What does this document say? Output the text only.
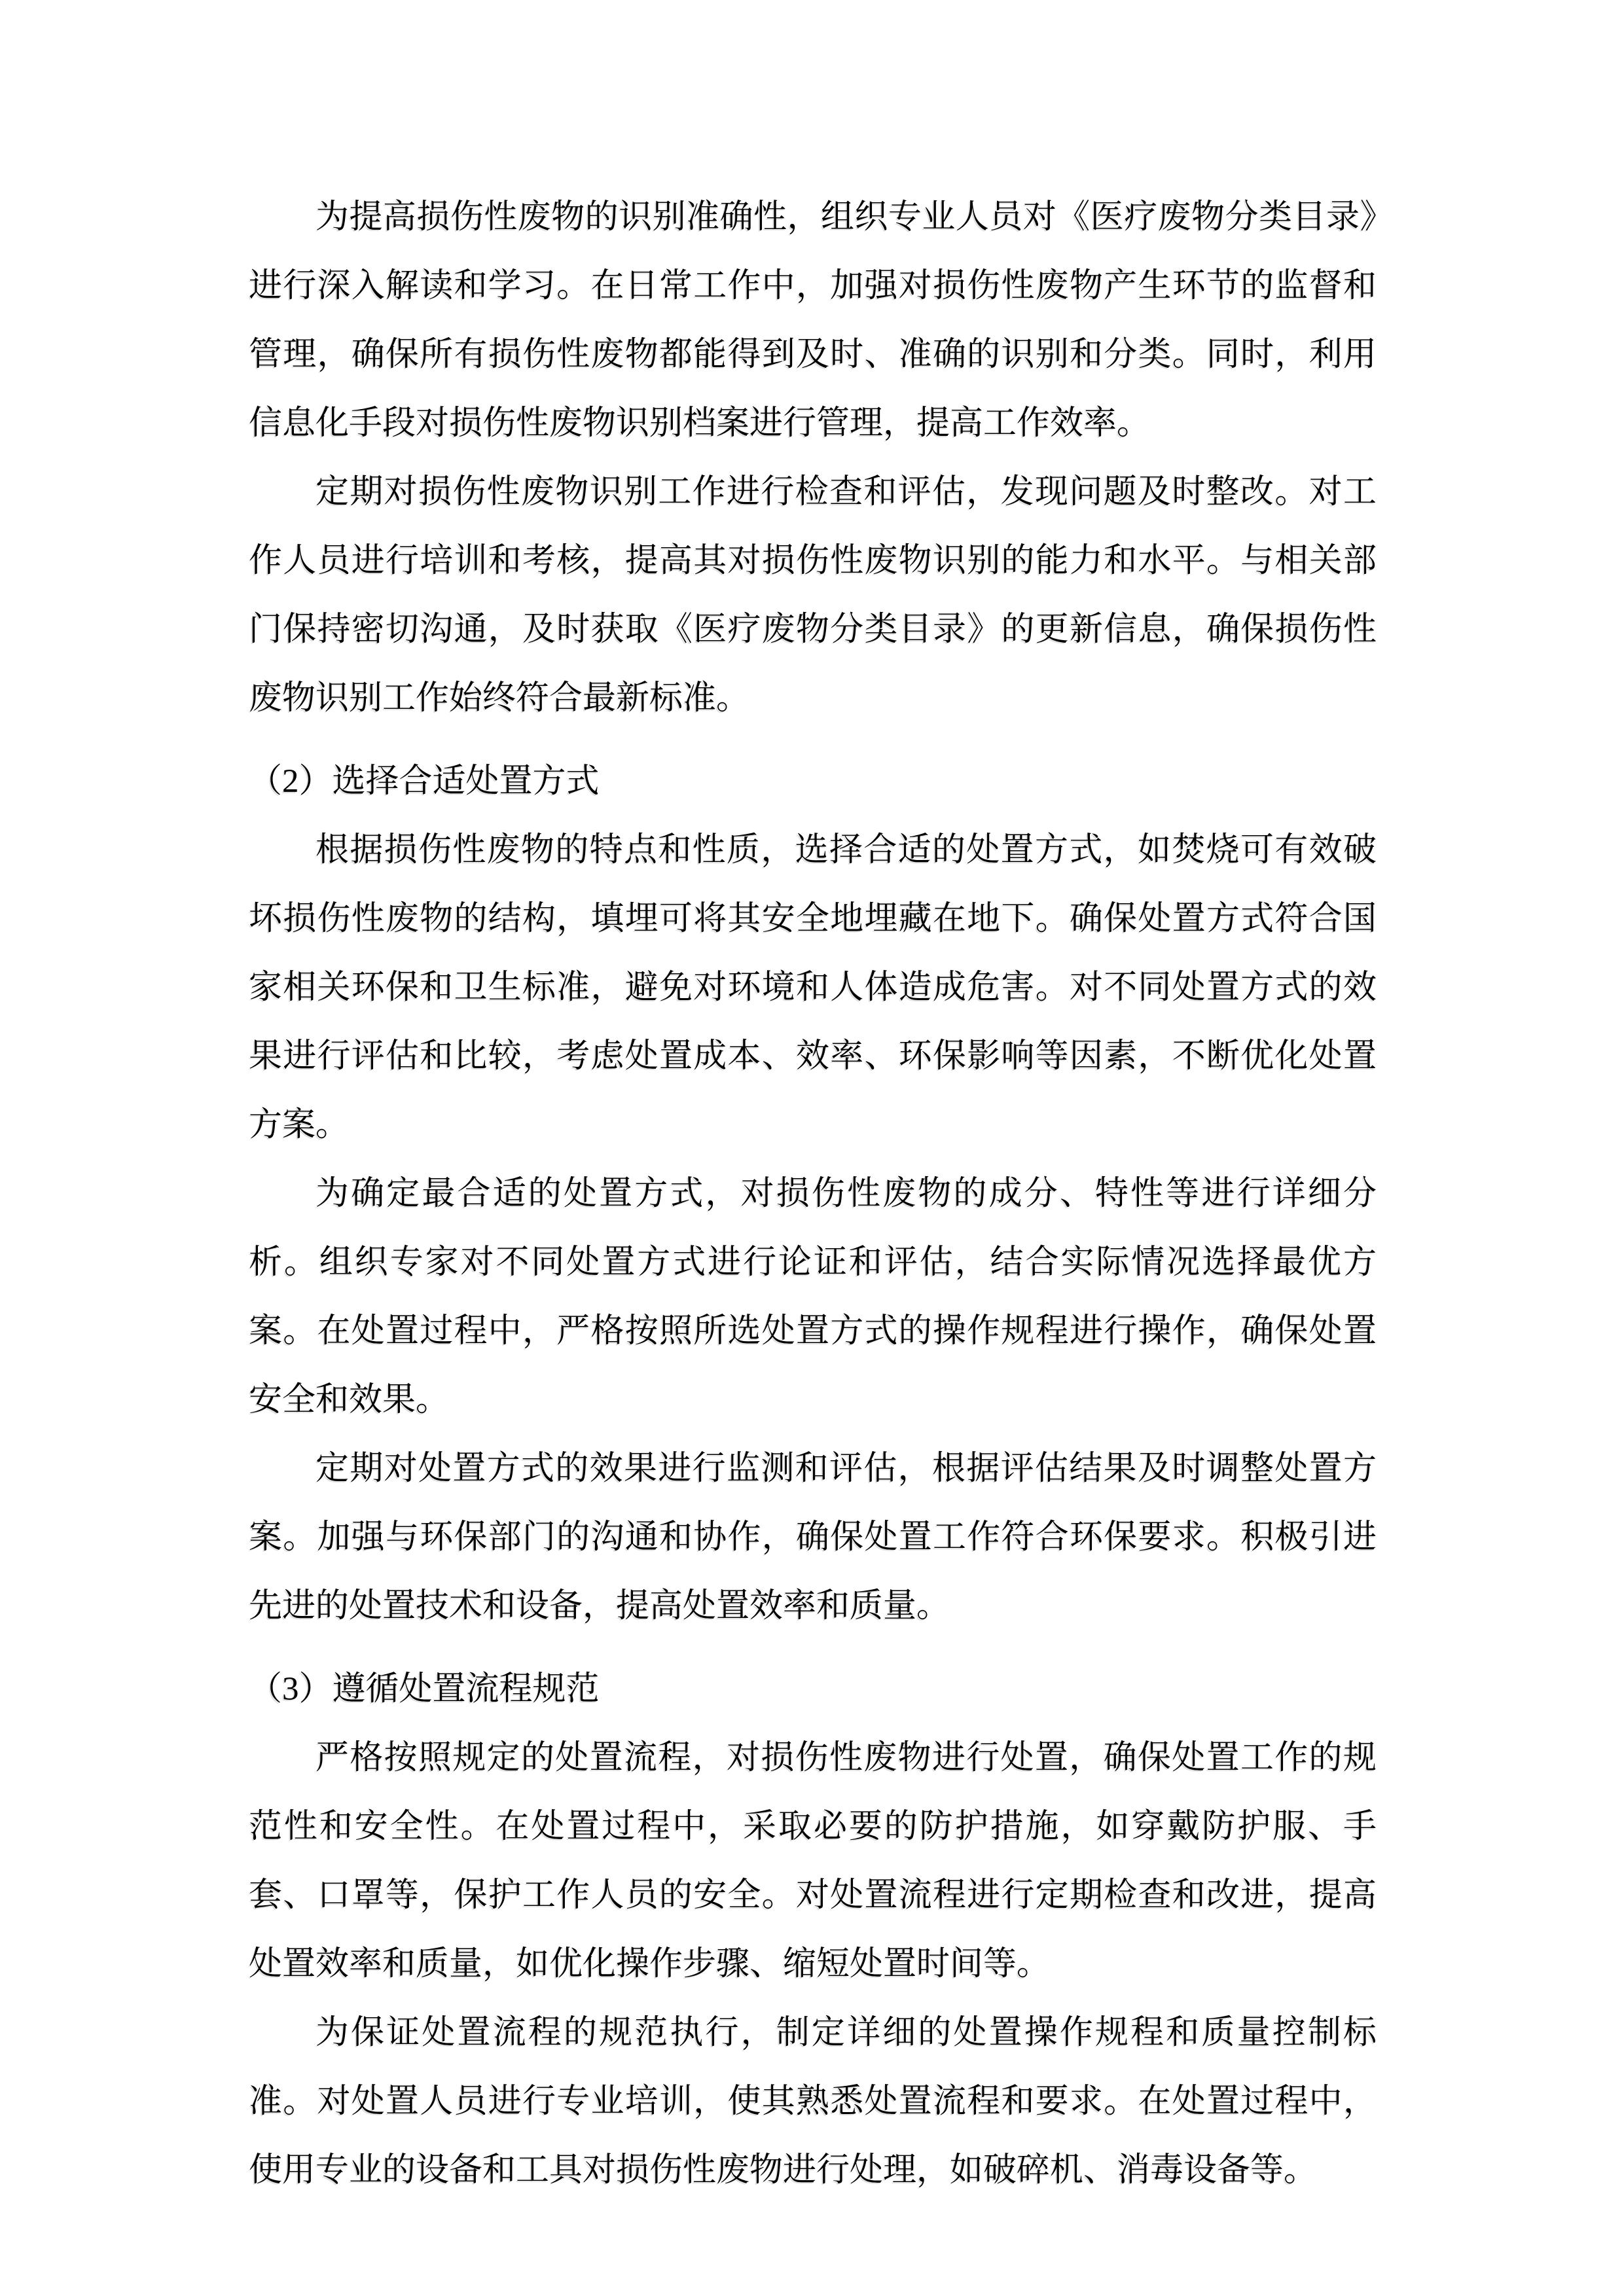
为提高损伤性废物的识别准确性，组织专业人员对《医疗废物分类目录》进行深入解读和学习。在日常工作中，加强对损伤性废物产生环节的监督和管理，确保所有损伤性废物都能得到及时、准确的识别和分类。同时，利用信息化手段对损伤性废物识别档案进行管理，提高工作效率。

定期对损伤性废物识别工作进行检查和评估，发现问题及时整改。对工作人员进行培训和考核，提高其对损伤性废物识别的能力和水平。与相关部门保持密切沟通，及时获取《医疗废物分类目录》的更新信息，确保损伤性废物识别工作始终符合最新标准。

（2）选择合适处置方式

根据损伤性废物的特点和性质，选择合适的处置方式，如焚烧可有效破坏损伤性废物的结构，填埋可将其安全地埋藏在地下。确保处置方式符合国家相关环保和卫生标准，避免对环境和人体造成危害。对不同处置方式的效果进行评估和比较，考虑处置成本、效率、环保影响等因素，不断优化处置方案。

为确定最合适的处置方式，对损伤性废物的成分、特性等进行详细分析。组织专家对不同处置方式进行论证和评估，结合实际情况选择最优方案。在处置过程中，严格按照所选处置方式的操作规程进行操作，确保处置安全和效果。

定期对处置方式的效果进行监测和评估，根据评估结果及时调整处置方案。加强与环保部门的沟通和协作，确保处置工作符合环保要求。积极引进先进的处置技术和设备，提高处置效率和质量。

（3）遵循处置流程规范

严格按照规定的处置流程，对损伤性废物进行处置，确保处置工作的规范性和安全性。在处置过程中，采取必要的防护措施，如穿戴防护服、手套、口罩等，保护工作人员的安全。对处置流程进行定期检查和改进，提高处置效率和质量，如优化操作步骤、缩短处置时间等。

为保证处置流程的规范执行，制定详细的处置操作规程和质量控制标准。对处置人员进行专业培训，使其熟悉处置流程和要求。在处置过程中，使用专业的设备和工具对损伤性废物进行处理，如破碎机、消毒设备等。
